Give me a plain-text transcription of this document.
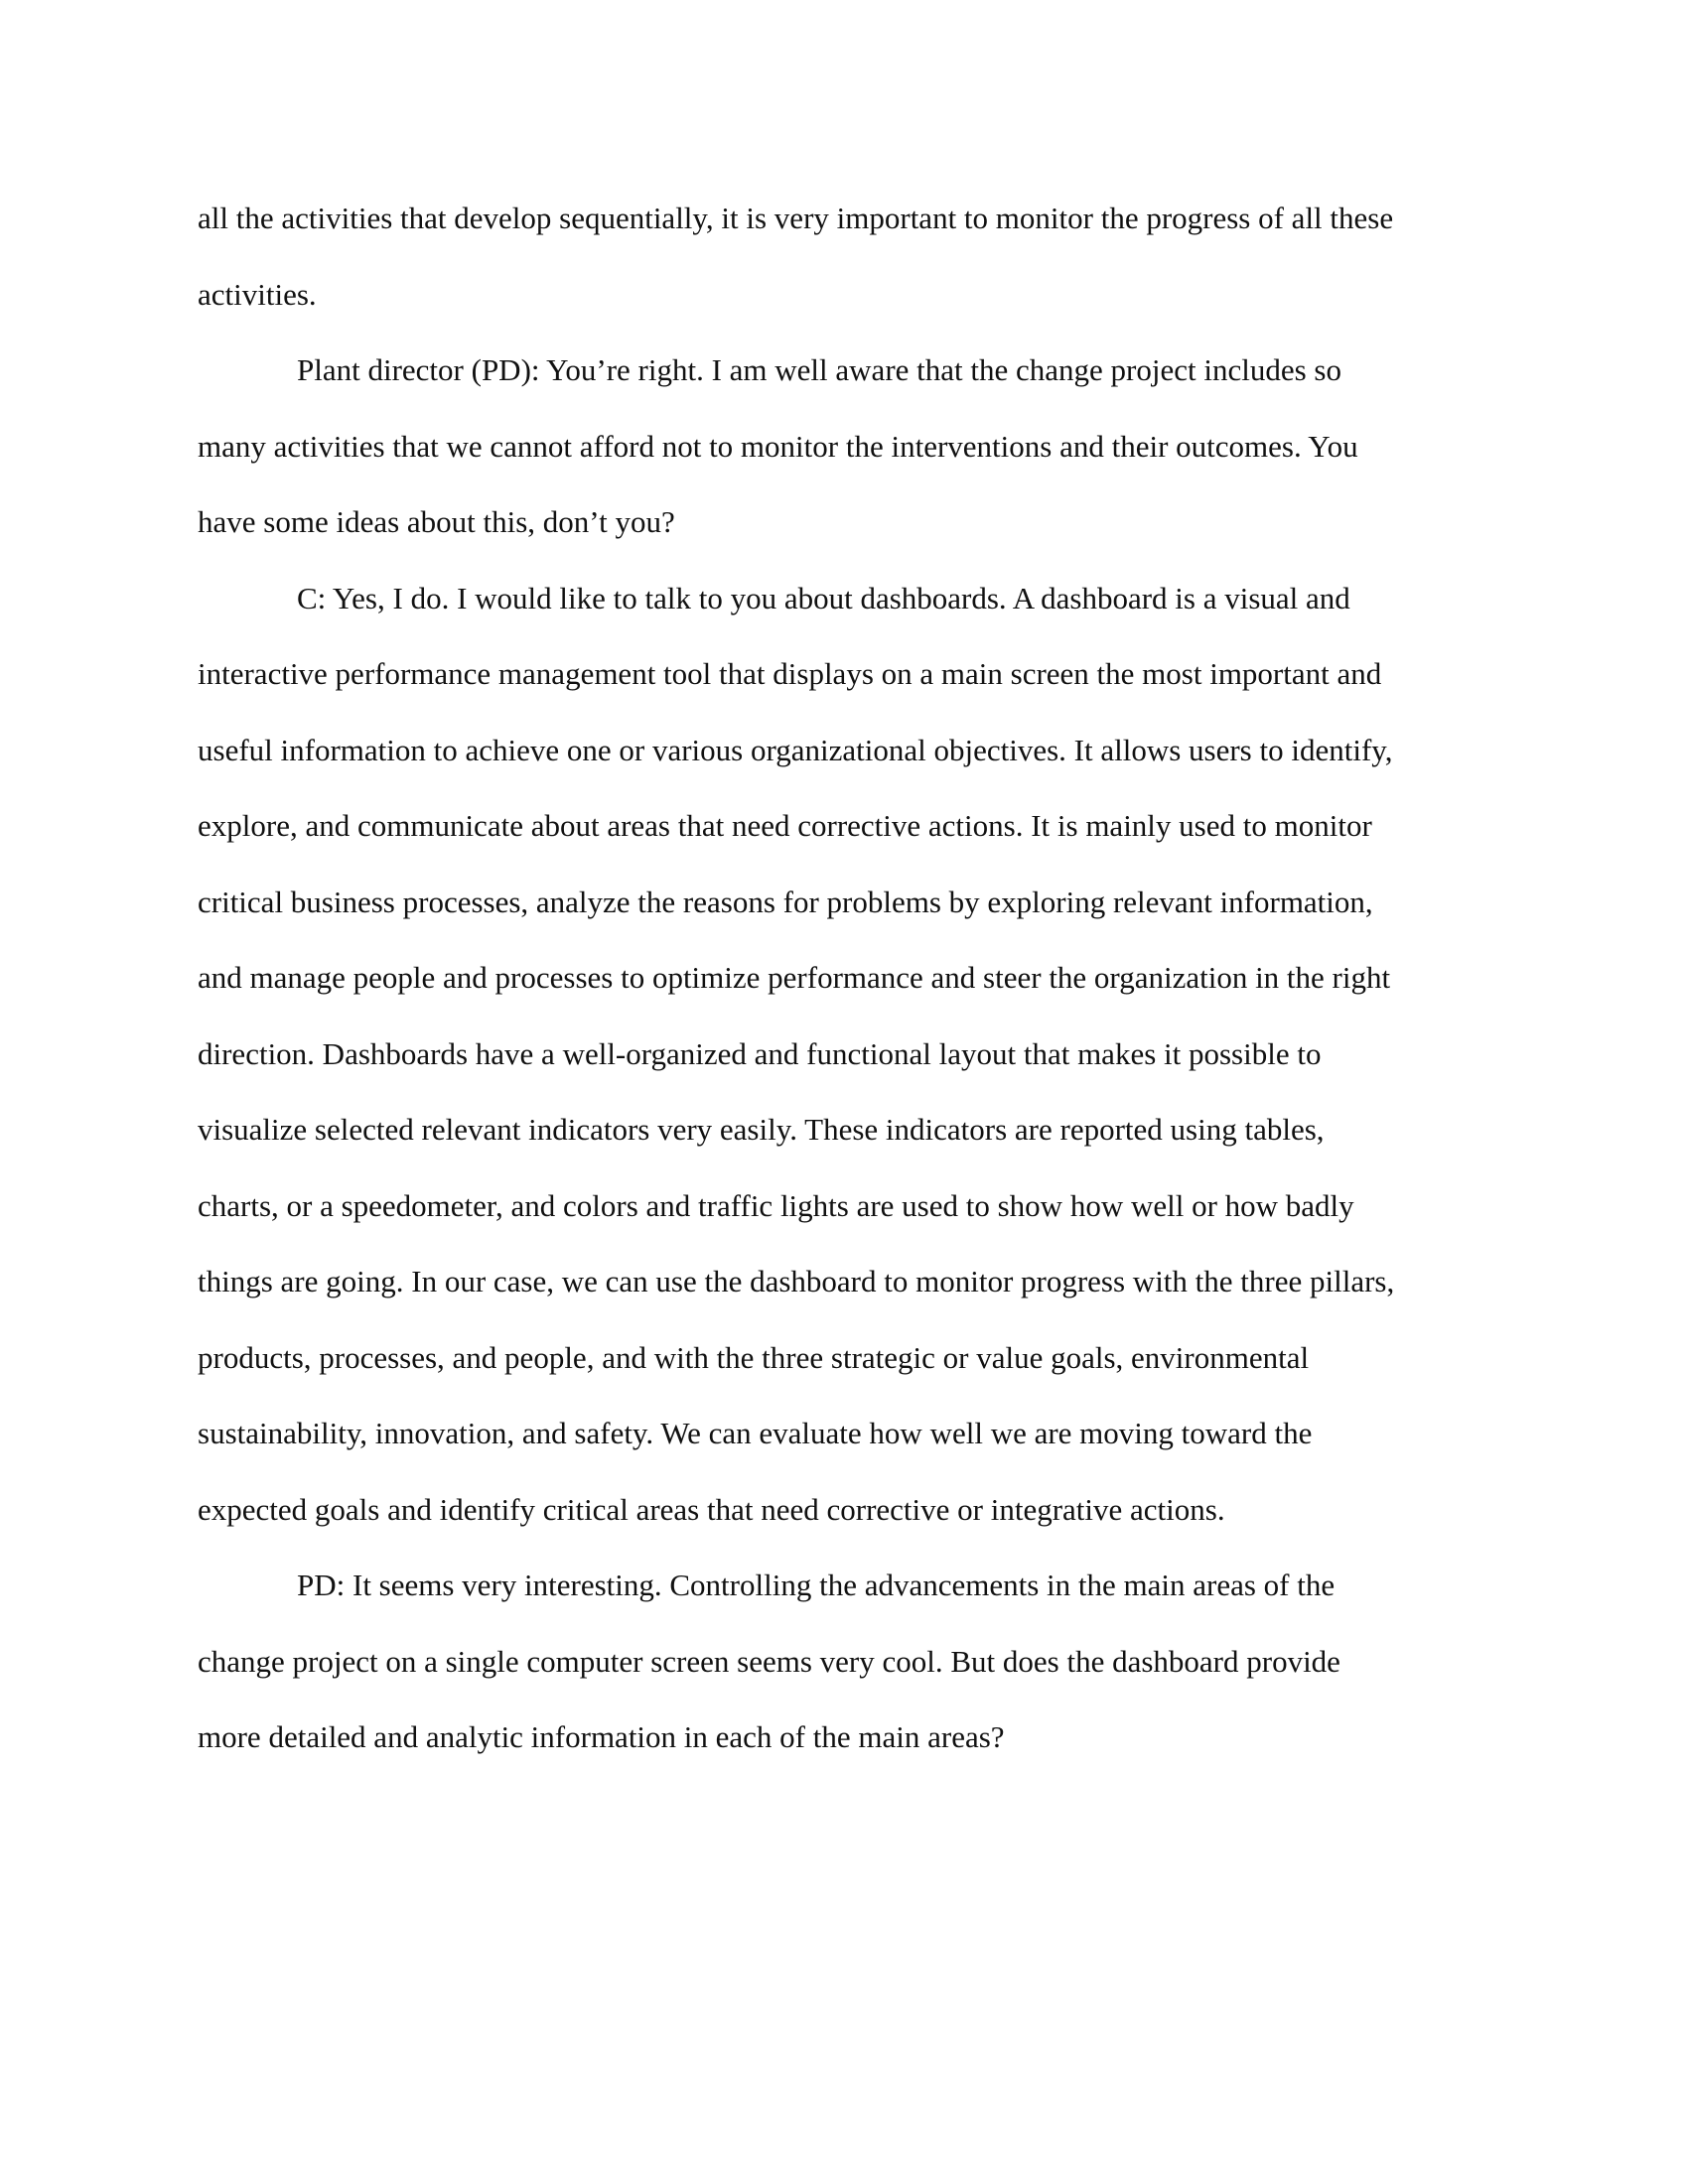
all the activities that develop sequentially, it is very important to monitor the progress of all these
activities.
Plant director (PD): You’re right. I am well aware that the change project includes so
many activities that we cannot afford not to monitor the interventions and their outcomes. You
have some ideas about this, don’t you?
C: Yes, I do. I would like to talk to you about dashboards. A dashboard is a visual and
interactive performance management tool that displays on a main screen the most important and
useful information to achieve one or various organizational objectives. It allows users to identify,
explore, and communicate about areas that need corrective actions. It is mainly used to monitor
critical business processes, analyze the reasons for problems by exploring relevant information,
and manage people and processes to optimize performance and steer the organization in the right
direction. Dashboards have a well-organized and functional layout that makes it possible to
visualize selected relevant indicators very easily. These indicators are reported using tables,
charts, or a speedometer, and colors and traffic lights are used to show how well or how badly
things are going. In our case, we can use the dashboard to monitor progress with the three pillars,
products, processes, and people, and with the three strategic or value goals, environmental
sustainability, innovation, and safety. We can evaluate how well we are moving toward the
expected goals and identify critical areas that need corrective or integrative actions.
PD: It seems very interesting. Controlling the advancements in the main areas of the
change project on a single computer screen seems very cool. But does the dashboard provide
more detailed and analytic information in each of the main areas?
